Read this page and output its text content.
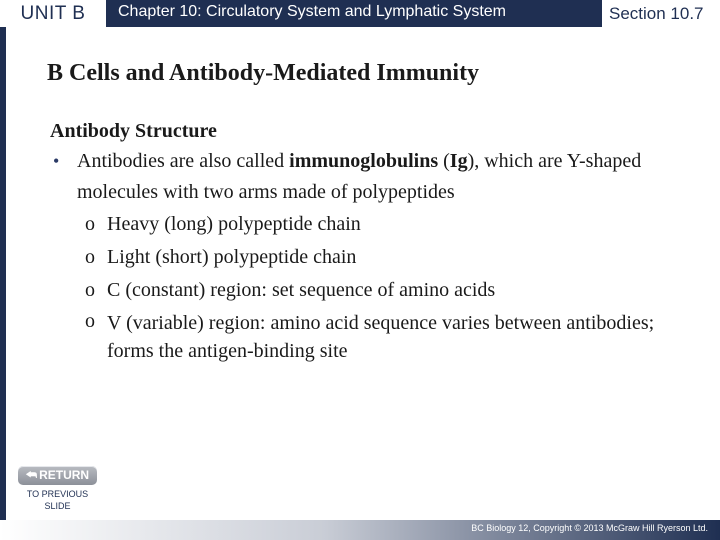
UNIT B	Chapter 10: Circulatory System and Lymphatic System	Section 10.7
B Cells and Antibody-Mediated Immunity
Antibody Structure
• Antibodies are also called immunoglobulins (Ig), which are Y-shaped molecules with two arms made of polypeptides
o Heavy (long) polypeptide chain
o Light (short) polypeptide chain
o C (constant) region: set sequence of amino acids
o V (variable) region: amino acid sequence varies between antibodies; forms the antigen-binding site
⮪ RETURN
TO PREVIOUS
SLIDE
BC Biology 12, Copyright © 2013 McGraw Hill Ryerson Ltd.
